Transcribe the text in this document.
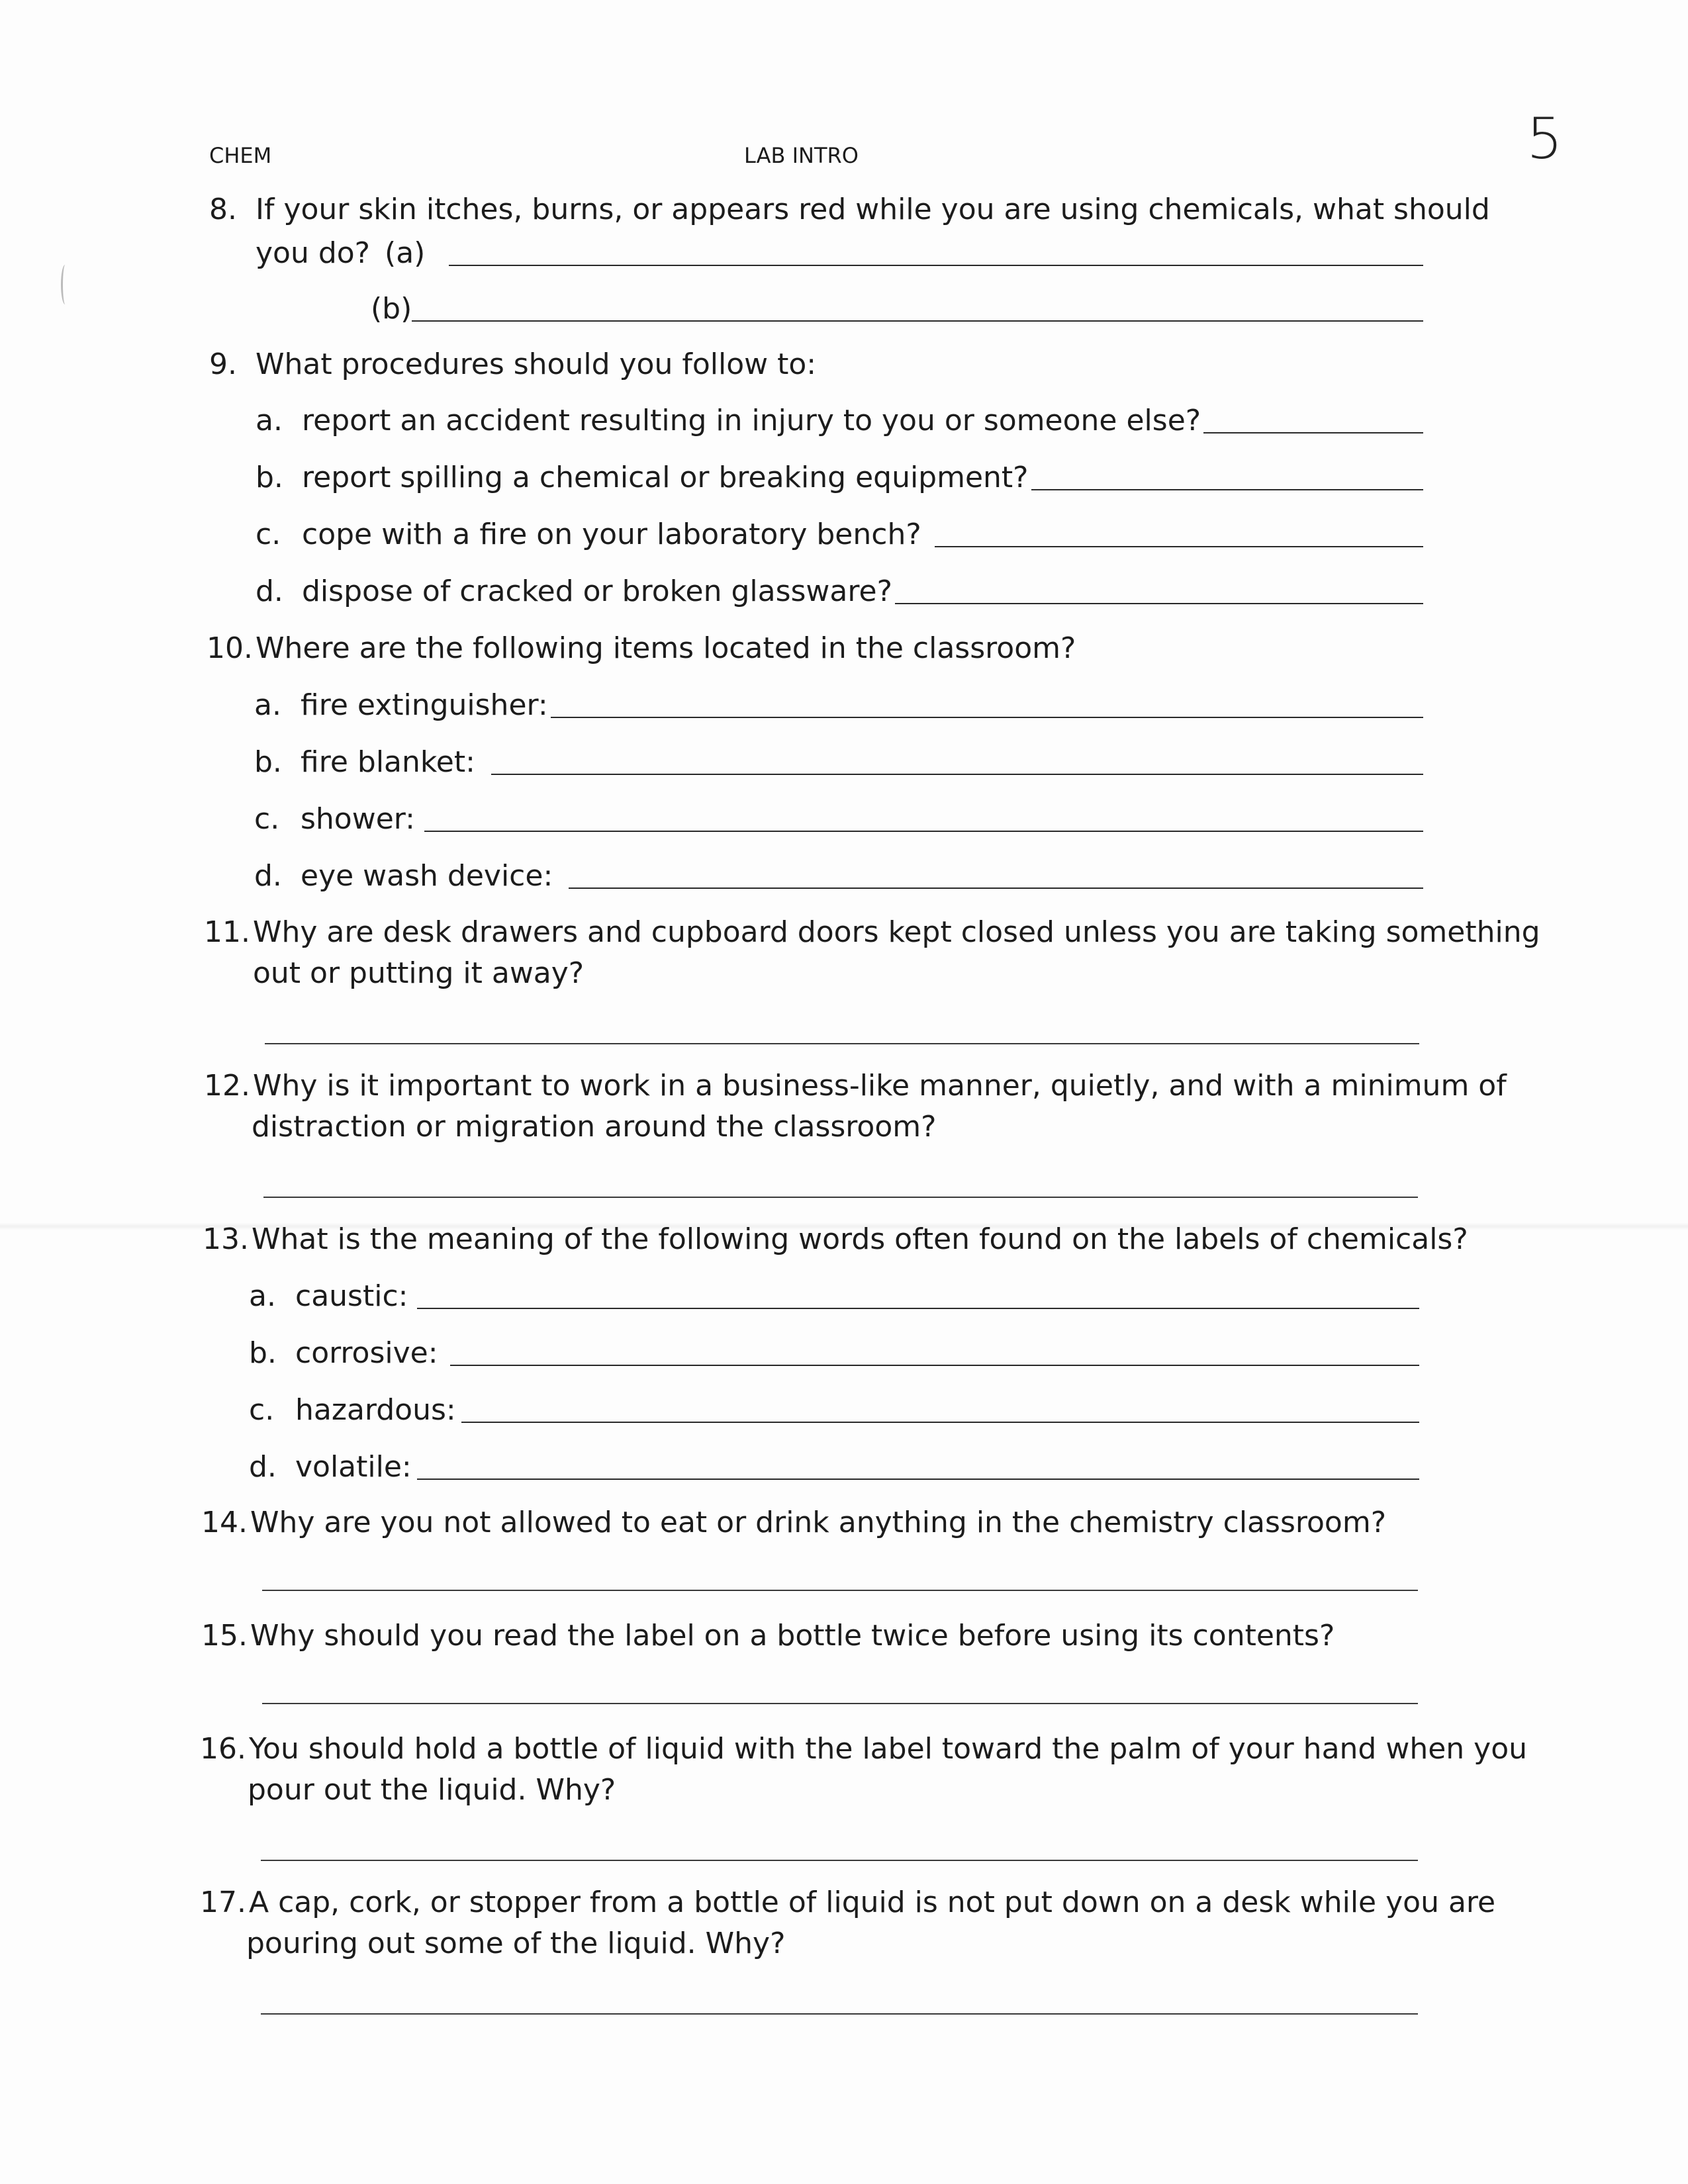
CHEM	LAB INTRO	5
8. If your skin itches, burns, or appears red while you are using chemicals, what should
you do? (a)
(b)
9. What procedures should you follow to:
a. report an accident resulting in injury to you or someone else?
b. report spilling a chemical or breaking equipment?
c. cope with a fire on your laboratory bench?
d. dispose of cracked or broken glassware?
10.Where are the following items located in the classroom?
a. fire extinguisher:
b. fire blanket:
c. shower:
d. eye wash device:
11.Why are desk drawers and cupboard doors kept closed unless you are taking something
out or putting it away?
12.Why is it important to work in a business-like manner, quietly, and with a minimum of
distraction or migration around the classroom?
13.What is the meaning of the following words often found on the labels of chemicals?
a. caustic:
b. corrosive:
c. hazardous:
d. volatile:
14.Why are you not allowed to eat or drink anything in the chemistry classroom?
15.Why should you read the label on a bottle twice before using its contents?
16.You should hold a bottle of liquid with the label toward the palm of your hand when you
pour out the liquid. Why?
17.A cap, cork, or stopper from a bottle of liquid is not put down on a desk while you are
pouring out some of the liquid. Why?
